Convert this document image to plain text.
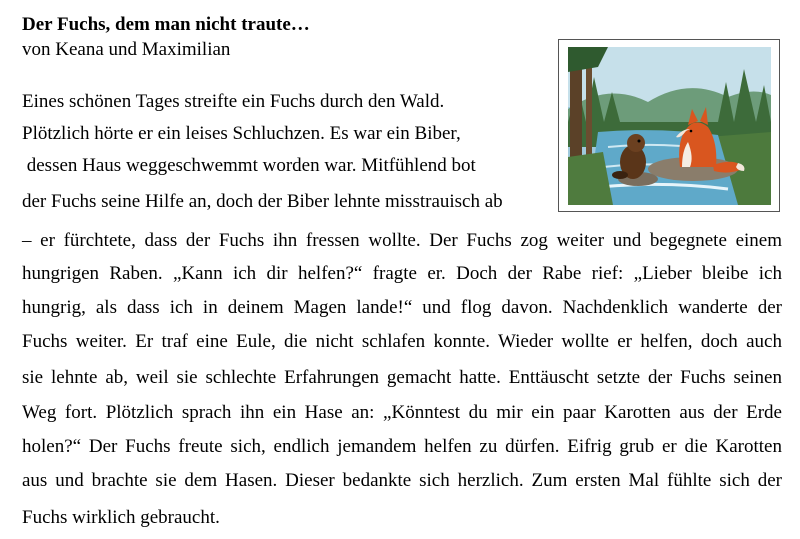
Der Fuchs, dem man nicht traute…
von Keana und Maximilian
Eines schönen Tages streifte ein Fuchs durch den Wald.
Plötzlich hörte er ein leises Schluchzen. Es war ein Biber,
dessen Haus weggeschwemmt worden war. Mitfühlend bot
der Fuchs seine Hilfe an, doch der Biber lehnte misstrauisch ab
– er fürchtete, dass der Fuchs ihn fressen wollte. Der Fuchs zog weiter und begegnete einem
hungrigen Raben. „Kann ich dir helfen?“ fragte er. Doch der Rabe rief: „Lieber bleibe ich
hungrig, als dass ich in deinem Magen lande!“ und flog davon. Nachdenklich wanderte der
Fuchs weiter. Er traf eine Eule, die nicht schlafen konnte. Wieder wollte er helfen, doch auch
sie lehnte ab, weil sie schlechte Erfahrungen gemacht hatte. Enttäuscht setzte der Fuchs seinen
Weg fort. Plötzlich sprach ihn ein Hase an: „Könntest du mir ein paar Karotten aus der Erde
holen?“ Der Fuchs freute sich, endlich jemandem helfen zu dürfen. Eifrig grub er die Karotten
aus und brachte sie dem Hasen. Dieser bedankte sich herzlich. Zum ersten Mal fühlte sich der
Fuchs wirklich gebraucht.
